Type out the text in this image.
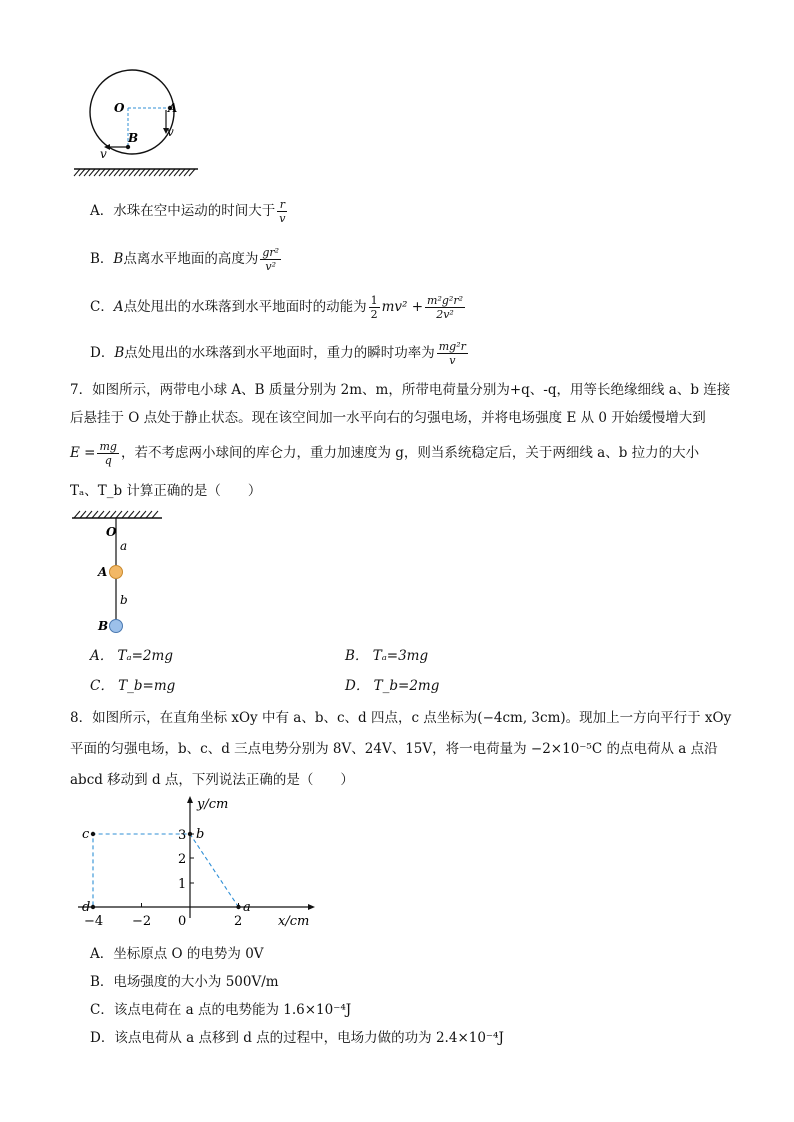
O	A
B v
v
A．水珠在空中运动的时间大于 $\frac{r}{v}$
B．B点离水平地面的高度为 $\frac{\text{gr²}}{\text{v²}}$
C．A点处甩出的水珠落到水平地面时的动能为 $\frac{1}{2} mv^2 + \frac{\text{m²g²r²}}{\text{2v²}}$
D．B点处甩出的水珠落到水平地面时，重力的瞬时功率为 $\frac{\text{mg²r}}{v}$
7．如图所示，两带电小球 A、B 质量分别为 2m、m，所带电荷量分别为+q、-q，用等长绝缘细线 a、b 连接
后悬挂于 O 点处于静止状态。现在该空间加一水平向右的匀强电场，并将电场强度 E 从 0 开始缓慢增大到
$E = \frac{mg}{q}$ ，若不考虑两小球间的库仑力，重力加速度为 g，则当系统稳定后，关于两细线 a、b 拉力的大小
Tₐ、T_b 计算正确的是（　　）
O
a
A
b
B
A． Tₐ=2mg	B． Tₐ=3mg
C． T_b=mg	D． T_b=2mg
8．如图所示，在直角坐标 xOy 中有 a、b、c、d 四点，c 点坐标为(−4cm, 3cm)。现加上一方向平行于 xOy
平面的匀强电场，b、c、d 三点电势分别为 8V、24V、15V，将一电荷量为 −2×10⁻⁵C 的点电荷从 a 点沿
abcd 移动到 d 点，下列说法正确的是（　　）
y/cm
x/cm
−4 −2 0	2
1
2
3
c	b
d	a
A．坐标原点 O 的电势为 0V
B．电场强度的大小为 500V/m
C．该点电荷在 a 点的电势能为 1.6×10⁻⁴J
D．该点电荷从 a 点移到 d 点的过程中，电场力做的功为 2.4×10⁻⁴J
